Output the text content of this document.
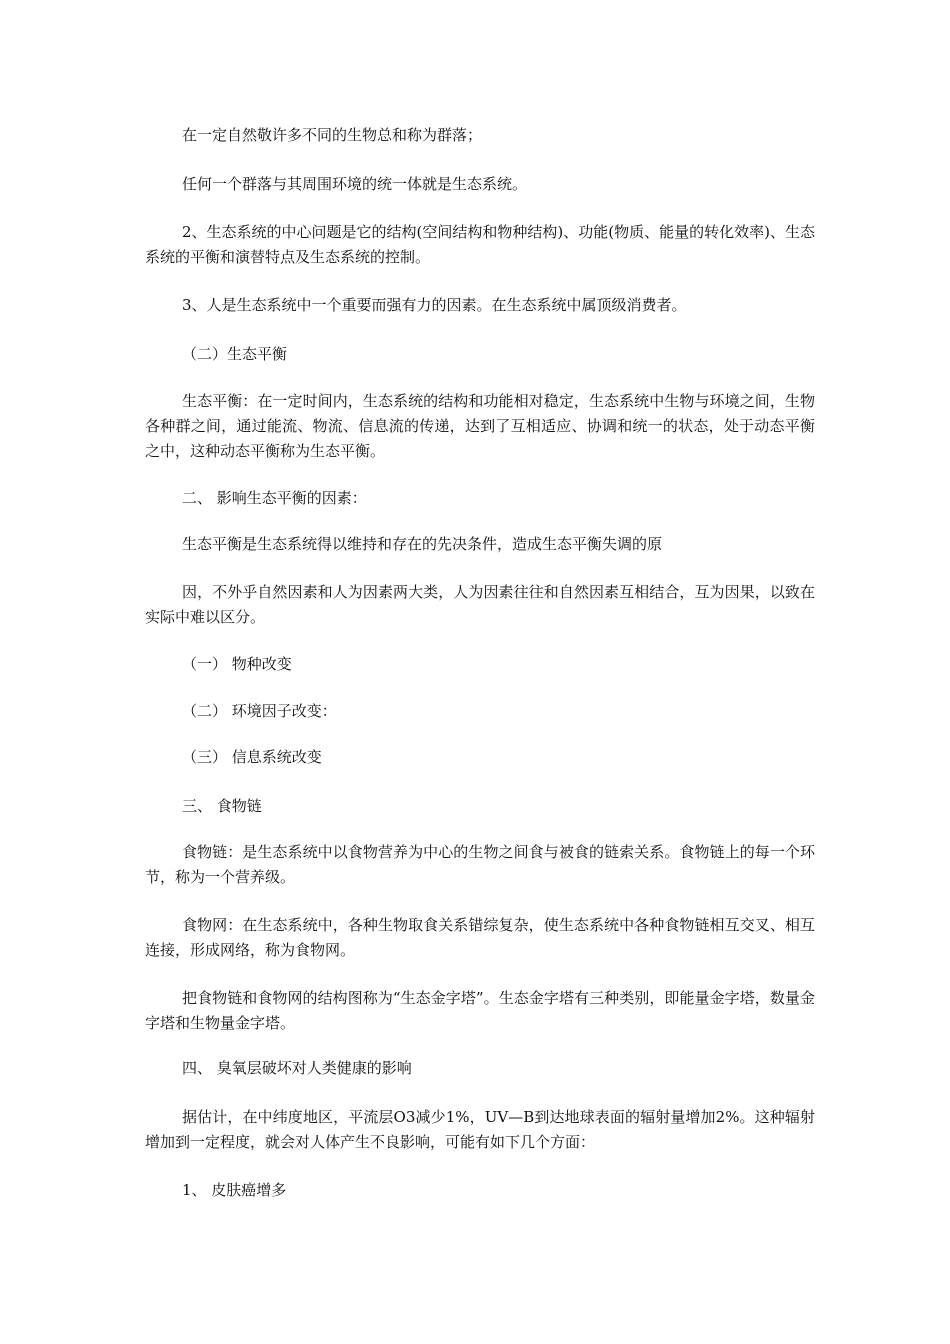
在一定自然敬许多不同的生物总和称为群落；

任何一个群落与其周围环境的统一体就是生态系统。

2、生态系统的中心问题是它的结构(空间结构和物种结构)、功能(物质、能量的转化效率)、生态系统的平衡和演替特点及生态系统的控制。

3、人是生态系统中一个重要而强有力的因素。在生态系统中属顶级消费者。

（二）生态平衡

生态平衡：在一定时间内，生态系统的结构和功能相对稳定，生态系统中生物与环境之间，生物各种群之间，通过能流、物流、信息流的传递，达到了互相适应、协调和统一的状态，处于动态平衡之中，这种动态平衡称为生态平衡。

二、 影响生态平衡的因素：

生态平衡是生态系统得以维持和存在的先决条件，造成生态平衡失调的原

因，不外乎自然因素和人为因素两大类，人为因素往往和自然因素互相结合，互为因果，以致在实际中难以区分。

（一） 物种改变

（二） 环境因子改变：

（三） 信息系统改变

三、 食物链

食物链：是生态系统中以食物营养为中心的生物之间食与被食的链索关系。食物链上的每一个环节，称为一个营养级。

食物网：在生态系统中，各种生物取食关系错综复杂，使生态系统中各种食物链相互交叉、相互连接，形成网络，称为食物网。

把食物链和食物网的结构图称为“生态金字塔”。生态金字塔有三种类别，即能量金字塔，数量金字塔和生物量金字塔。

四、 臭氧层破坏对人类健康的影响

据估计，在中纬度地区，平流层O3减少1%，UV—B到达地球表面的辐射量增加2%。这种辐射增加到一定程度，就会对人体产生不良影响，可能有如下几个方面：

1、 皮肤癌增多
